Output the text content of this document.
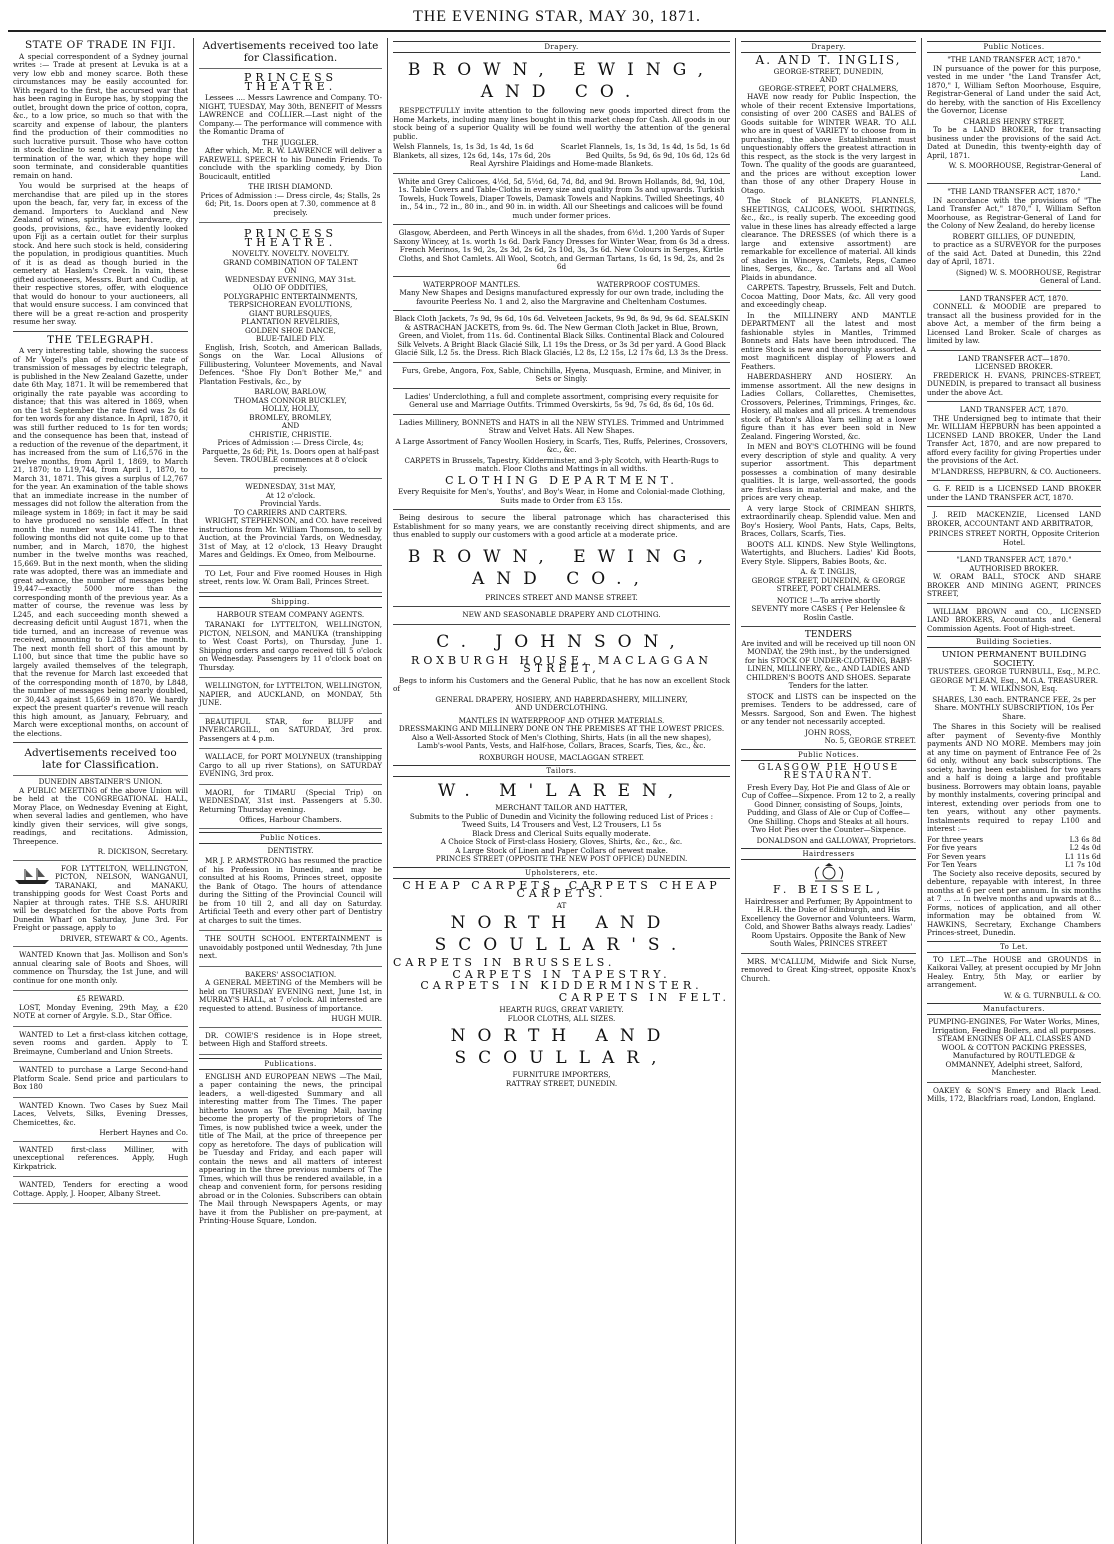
THE EVENING STAR, MAY 30, 1871.
STATE OF TRADE IN FIJI.

A special correspondent of a Sydney journal writes :— Trade at present at Levuka is at a very low ebb and money scarce. Both these circumstances may be easily accounted for. With regard to the first, the accursed war that has been raging in Europe has, by stopping the outlet, brought down the price of cotton, copra, &c., to a low price, so much so that with the scarcity and expense of labour, the planters find the production of their commodities no such lucrative pursuit. Those who have cotton in stock decline to send it away pending the termination of the war, which they hope will soon terminate, and considerable quantities remain on hand.

You would be surprised at the heaps of merchandise that are piled up in the stores upon the beach, far, very far, in excess of the demand. Importers to Auckland and New Zealand of wines, spirits, beer, hardware, dry goods, provisions, &c., have evidently looked upon Fiji as a certain outlet for their surplus stock. And here such stock is held, considering the population, in prodigious quantities. Much of it is as dead as though buried in the cemetery at Haslem's Creek. In vain, these gifted auctioneers, Messrs. Burt and Cudlip, at their respective stores, offer, with eloquence that would do honour to your auctioneers, all that would ensure success. I am convinced that there will be a great re-action and prosperity resume her sway.

THE TELEGRAPH.

A very interesting table, showing the success of Mr Vogel's plan of reducing the rate of transmission of messages by electric telegraph, is published in the New Zealand Gazette, under date 6th May, 1871. It will be remembered that originally the rate payable was according to distance; that this was altered in 1869, when on the 1st September the rate fixed was 2s 6d for ten words for any distance. In April, 1870, it was still further reduced to 1s for ten words; and the consequence has been that, instead of a reduction of the revenue of the department, it has increased from the sum of L16,576 in the twelve months, from April 1, 1869, to March 21, 1870; to L19,744, from April 1, 1870, to March 31, 1871. This gives a surplus of L2,767 for the year. An examination of the table shows that an immediate increase in the number of messages did not follow the alteration from the mileage system in 1869; in fact it may be said to have produced no sensible effect. In that month the number was 14,141. The three following months did not quite come up to that number, and in March, 1870, the highest number in the twelve months was reached, 15,669. But in the next month, when the sliding rate was adopted, there was an immediate and great advance, the number of messages being 19,447—exactly 5000 more than the corresponding month of the previous year. As a matter of course, the revenue was less by L245, and each succeeding month shewed a decreasing deficit until August 1871, when the tide turned, and an increase of revenue was received, amounting to L283 for the month. The next month fell short of this amount by L100, but since that time the public have so largely availed themselves of the telegraph, that the revenue for March last exceeded that of the corresponding month of 1870, by L848, the number of messages being nearly doubled, or 30,443 against 15,669 in 1870. We hardly expect the present quarter's revenue will reach this high amount, as January, February, and March were exceptional months, on account of the elections.

Advertisements received too late for Classification.
DUNEDIN ABSTAINER'S UNION.

A PUBLIC MEETING of the above Union will be held at the CONGREGATIONAL HALL, Moray Place, on Wednesday Evening at Eight, when several ladies and gentlemen, who have kindly given their services, will give songs, readings, and recitations. Admission, Threepence.

R. DICKISON, Secretary.

FOR LYTTELTON, WELLINGTON, PICTON, NELSON, WANGANUI, TARANAKI, and MANAKU, transhipping goods for West Coast Ports and Napier at through rates. THE S.S. AHURIRI will be despatched for the above Ports from Dunedin Wharf on Saturday, June 3rd. For Freight or passage, apply to

DRIVER, STEWART & CO., Agents.

WANTED Known that Jas. Mollison and Son's annual clearing sale of Boots and Shoes, will commence on Thursday, the 1st June, and will continue for one month only.

£5 REWARD.

LOST, Monday Evening, 29th May, a £20 NOTE at corner of Argyle. S.D., Star Office.

WANTED to Let a first-class kitchen cottage, seven rooms and garden. Apply to T. Breimayne, Cumberland and Union Streets.

WANTED to purchase a Large Second-hand Platform Scale. Send price and particulars to Box 180

WANTED Known. Two Cases by Suez Mail Laces, Velvets, Silks, Evening Dresses, Chemicettes, &c.

Herbert Haynes and Co.

WANTED first-class Milliner, with unexceptional references. Apply, Hugh Kirkpatrick.

WANTED, Tenders for erecting a wood Cottage. Apply, J. Hooper, Albany Street.

Advertisements received too late for Classification.
PRINCESS THEATRE.

Lessees .... Messrs Lawrence and Company. TO-NIGHT, TUESDAY, May 30th, BENEFIT of Messrs LAWRENCE and COLLIER.—Last night of the Company.— The performance will commence with the Romantic Drama of

THE JUGGLER.

After which, Mr. R. W. LAWRENCE will deliver a FAREWELL SPEECH to his Dunedin Friends. To conclude with the sparkling comedy, by Dion Boucicault, entitled

THE IRISH DIAMOND.

Prices of Admission :— Dress circle, 4s; Stalls, 2s 6d; Pit, 1s. Doors open at 7.30, commence at 8 precisely.

PRINCESS THEATRE.
NOVELTY. NOVELTY. NOVELTY.
GRAND COMBINATION OF TALENT
ON
WEDNESDAY EVENING, MAY 31st.
OLIO OF ODDITIES,
POLYGRAPHIC ENTERTAINMENTS,
TERPSICHOREAN EVOLUTIONS,
GIANT BURLESQUES,
PLANTATION REVELRIES,
GOLDEN SHOE DANCE,
BLUE-TAILED FLY.

English, Irish, Scotch, and American Ballads, Songs on the War. Local Allusions of Fillibustering, Volunteer Movements, and Naval Defences. "Shoe Fly Don't Bother Me," and Plantation Festivals, &c., by

BARLOW, BARLOW,
THOMAS CONNOR BUCKLEY,
HOLLY, HOLLY,
BROMLEY, BROMLEY,
AND
CHRISTIE, CHRISTIE.

Prices of Admission :— Dress Circle, 4s; Parquette, 2s 6d; Pit, 1s. Doors open at half-past Seven. TROUBLE commences at 8 o'clock precisely.

WEDNESDAY, 31st MAY,
At 12 o'clock.
Provincial Yards.
TO CARRIERS AND CARTERS.

WRIGHT, STEPHENSON, and CO. have received instructions from Mr. William Thomson, to sell by Auction, at the Provincial Yards, on Wednesday, 31st of May, at 12 o'clock, 13 Heavy Draught Mares and Geldings. Ex Omeo, from Melbourne.

TO Let, Four and Five roomed Houses in High street, rents low. W. Oram Ball, Princes Street.

Shipping.
HARBOUR STEAM COMPANY AGENTS.

TARANAKI for LYTTELTON, WELLINGTON, PICTON, NELSON, and MANUKA (transhipping to West Coast Ports), on Thursday, June 1. Shipping orders and cargo received till 5 o'clock on Wednesday. Passengers by 11 o'clock boat on Thursday.

WELLINGTON, for LYTTELTON, WELLINGTON, NAPIER, and AUCKLAND, on MONDAY, 5th JUNE.

BEAUTIFUL STAR, for BLUFF and INVERCARGILL, on SATURDAY, 3rd prox. Passengers at 4 p.m.

WALLACE, for PORT MOLYNEUX (transhipping Cargo to all up river Stations), on SATURDAY EVENING, 3rd prox.

MAORI, for TIMARU (Special Trip) on WEDNESDAY, 31st inst. Passengers at 5.30. Returning Thursday evening.

Offices, Harbour Chambers.
Public Notices.
DENTISTRY.

MR J. P. ARMSTRONG has resumed the practice of his Profession in Dunedin, and may be consulted at his Rooms, Princes street, opposite the Bank of Otago. The hours of attendance during the Sitting of the Provincial Council will be from 10 till 2, and all day on Saturday. Artificial Teeth and every other part of Dentistry at charges to suit the times.

THE SOUTH SCHOOL ENTERTAINMENT is unavoidably postponed until Wednesday, 7th June next.

BAKERS' ASSOCIATION.

A GENERAL MEETING of the Members will be held on THURSDAY EVENING next, June 1st, in MURRAY'S HALL, at 7 o'clock. All interested are requested to attend. Business of importance.

HUGH MUIR.

DR. COWIE'S residence is in Hope street, between High and Stafford streets.

Publications.

ENGLISH AND EUROPEAN NEWS —The Mail, a paper containing the news, the principal leaders, a well-digested Summary and all interesting matter from The Times. The paper hitherto known as The Evening Mail, having become the property of the proprietors of The Times, is now published twice a week, under the title of The Mail, at the price of threepence per copy as heretofore. The days of publication will be Tuesday and Friday, and each paper will contain the news and all matters of interest appearing in the three previous numbers of The Times, which will thus be rendered available, in a cheap and convenient form, for persons residing abroad or in the Colonies. Subscribers can obtain The Mail through Newspapers Agents, or may have it from the Publisher on pre-payment, at Printing-House Square, London.

Drapery.
BROWN, EWING, AND CO.

RESPECTFULLY invite attention to the following new goods imported direct from the Home Markets, including many lines bought in this market cheap for Cash. All goods in our stock being of a superior Quality will be found well worthy the attention of the general public.

Welsh Flannels, 1s, 1s 3d, 1s 4d, 1s 6d	Scarlet Flannels, 1s, 1s 3d, 1s 4d, 1s 5d, 1s 6d
Blankets, all sizes, 12s 6d, 14s, 17s 6d, 20s	Bed Quilts, 5s 9d, 6s 9d, 10s 6d, 12s 6d
Real Ayrshire Plaidings and Home-made Blankets.

White and Grey Calicoes, 4½d, 5d, 5½d, 6d, 7d, 8d, and 9d. Brown Hollands, 8d, 9d, 10d, 1s. Table Covers and Table-Cloths in every size and quality from 3s and upwards. Turkish Towels, Huck Towels, Diaper Towels, Damask Towels and Napkins. Twilled Sheetings, 40 in., 54 in., 72 in., 80 in., and 90 in. in width. All our Sheetings and calicoes will be found much under former prices.

Glasgow, Aberdeen, and Perth Winceys in all the shades, from 6½d. 1,200 Yards of Super Saxony Wincey, at 1s. worth 1s 6d. Dark Fancy Dresses for Winter Wear, from 6s 3d a dress. French Merinos, 1s 9d, 2s, 2s 3d, 2s 6d, 2s 10d, 3s, 3s 6d. New Colours in Serges, Kirtle Cloths, and Shot Camlets. All Wool, Scotch, and German Tartans, 1s 6d, 1s 9d, 2s, and 2s 6d

WATERPROOF MANTLES.	WATERPROOF COSTUMES.

Many New Shapes and Designs manufactured expressly for our own trade, including the favourite Peerless No. 1 and 2, also the Margravine and Cheltenham Costumes.

Black Cloth Jackets, 7s 9d, 9s 6d, 10s 6d. Velveteen Jackets, 9s 9d, 8s 9d, 9s 6d. SEALSKIN & ASTRACHAN JACKETS, from 9s. 6d. The New German Cloth Jacket in Blue, Brown, Green, and Violet, from 11s. 6d. Continental Black Silks. Continental Black and Coloured Silk Velvets. A Bright Black Glacié Silk, L1 19s the Dress, or 3s 3d per yard. A Good Black Glacié Silk, L2 5s. the Dress. Rich Black Glaciés, L2 8s, L2 15s, L2 17s 6d, L3 3s the Dress.

Furs, Grebe, Angora, Fox, Sable, Chinchilla, Hyena, Musquash, Ermine, and Miniver, in Sets or Singly.

Ladies' Underclothing, a full and complete assortment, comprising every requisite for General use and Marriage Outfits. Trimmed Overskirts, 5s 9d, 7s 6d, 8s 6d, 10s 6d.

Ladies Millinery, BONNETS and HATS in all the NEW STYLES. Trimmed and Untrimmed Straw and Velvet Hats. All New Shapes.

A Large Assortment of Fancy Woollen Hosiery, in Scarfs, Ties, Ruffs, Pelerines, Crossovers, &c., &c.

CARPETS in Brussels, Tapestry, Kidderminster, and 3-ply Scotch, with Hearth-Rugs to match. Floor Cloths and Mattings in all widths.

CLOTHING DEPARTMENT.

Every Requisite for Men's, Youths', and Boy's Wear, in Home and Colonial-made Clothing, Suits made to Order from £3 15s.

Being desirous to secure the liberal patronage which has characterised this Establishment for so many years, we are constantly receiving direct shipments, and are thus enabled to supply our customers with a good article at a moderate price.

BROWN, EWING, AND CO.,
PRINCES STREET AND MANSE STREET.
NEW AND SEASONABLE DRAPERY AND CLOTHING.
C. JOHNSON,
ROXBURGH HOUSE, MACLAGGAN STREET,

Begs to inform his Customers and the General Public, that he has now an excellent Stock of

GENERAL DRAPERY, HOSIERY, AND HABERDASHERY, MILLINERY,
AND UNDERCLOTHING.
MANTLES IN WATERPROOF AND OTHER MATERIALS.
DRESSMAKING AND MILLINERY DONE ON THE PREMISES AT THE LOWEST PRICES.
Also a Well-Assorted Stock of Men's Clothing, Shirts, Hats (in all the new shapes),
Lamb's-wool Pants, Vests, and Half-hose, Collars, Braces, Scarfs, Ties, &c., &c.
ROXBURGH HOUSE, MACLAGGAN STREET.
Tailors.
W. M'LAREN,
MERCHANT TAILOR AND HATTER,
Submits to the Public of Dunedin and Vicinity the following reduced List of Prices :
Tweed Suits, L4 Trousers and Vest, L2 Trousers, L1 5s
Black Dress and Clerical Suits equally moderate.
A Choice Stock of First-class Hosiery, Gloves, Shirts, &c., &c., &c.
A Large Stock of Linen and Paper Collars of newest make.
PRINCES STREET (OPPOSITE THE NEW POST OFFICE) DUNEDIN.
Upholsterers, etc.
CHEAP CARPETS. CARPETS CHEAP CARPETS.
AT
NORTH AND SCOULLAR'S.
CARPETS IN BRUSSELS.
CARPETS IN TAPESTRY.
CARPETS IN KIDDERMINSTER.
CARPETS IN FELT.
HEARTH RUGS, GREAT VARIETY.
FLOOR CLOTHS, ALL SIZES.
NORTH AND SCOULLAR,
FURNITURE IMPORTERS,
RATTRAY STREET, DUNEDIN.
Drapery.
A. AND T. INGLIS,
GEORGE-STREET, DUNEDIN,
AND
GEORGE-STREET, PORT CHALMERS,

HAVE now ready for Public Inspection, the whole of their recent Extensive Importations, consisting of over 200 CASES and BALES of Goods suitable for WINTER WEAR. TO ALL who are in quest of VARIETY to choose from in purchasing, the above Establishment must unquestionably offers the greatest attraction in this respect, as the stock is the very largest in Town. The quality of the goods are guaranteed, and the prices are without exception lower than those of any other Drapery House in Otago.

The Stock of BLANKETS, FLANNELS, SHEETINGS, CALICOES, WOOL SHIRTINGS, &c., &c., is really superb. The exceeding good value in these lines has already effected a large clearance. The DRESSES (of which there is a large and extensive assortment) are remarkable for excellence of material. All kinds of shades in Winceys, Camlets, Reps, Cameo lines, Serges, &c., &c. Tartans and all Wool Plaids in abundance.

CARPETS. Tapestry, Brussels, Felt and Dutch. Cocoa Matting, Door Mats, &c. All very good and exceedingly cheap.

In the MILLINERY AND MANTLE DEPARTMENT all the latest and most fashionable styles in Mantles, Trimmed Bonnets and Hats have been introduced. The entire Stock is new and thoroughly assorted. A most magnificent display of Flowers and Feathers.

HABERDASHERY AND HOSIERY. An immense assortment. All the new designs in Ladies Collars, Collarettes, Chemisettes, Crossovers, Pelerines, Trimmings, Fringes, &c. Hosiery, all makes and all prices. A tremendous stock of Paton's Alloa Yarn selling at a lower figure than it has ever been sold in New Zealand. Fingering Worsted, &c.

In MEN and BOY'S CLOTHING will be found every description of style and quality. A very superior assortment. This department possesses a combination of many desirable qualities. It is large, well-assorted, the goods are first-class in material and make, and the prices are very cheap.

A very large Stock of CRIMEAN SHIRTS, extraordinarily cheap. Splendid value. Men and Boy's Hosiery, Wool Pants, Hats, Caps, Belts, Braces, Collars, Scarfs, Ties.

BOOTS ALL KINDS. New Style Wellingtons, Watertights, and Bluchers. Ladies' Kid Boots, Every Style. Slippers, Babies Boots, &c.

A. & T. INGLIS,
GEORGE STREET, DUNEDIN, & GEORGE STREET, PORT CHALMERS.
NOTICE !—To arrive shortly
SEVENTY more CASES { Per Helenslee & Roslin Castle.
TENDERS

Are invited and will be received up till noon ON MONDAY, the 29th inst., by the undersigned for his STOCK OF UNDER-CLOTHING, BABY-LINEN, MILLINERY, &c., AND LADIES AND CHILDREN'S BOOTS AND SHOES. Separate Tenders for the latter.

STOCK and LISTS can be inspected on the premises. Tenders to be addressed, care of Messrs. Sargood, Son and Ewen. The highest or any tender not necessarily accepted.

JOHN ROSS,
No. 5, GEORGE STREET.
Public Notices.
GLASGOW PIE HOUSE RESTAURANT.

Fresh Every Day, Hot Pie and Glass of Ale or Cup of Coffee—Sixpence. From 12 to 2, a really Good Dinner, consisting of Soups, Joints, Pudding, and Glass of Ale or Cup of Coffee—One Shilling. Chops and Steaks at all hours. Two Hot Pies over the Counter—Sixpence.

DONALDSON and GALLOWAY, Proprietors.
Hairdressers
F. BEISSEL,

Hairdresser and Perfumer, By Appointment to H.R.H. the Duke of Edinburgh, and His Excellency the Governor and Volunteers. Warm, Cold, and Shower Baths always ready. Ladies' Room Upstairs. Opposite the Bank of New South Wales, PRINCES STREET

MRS. M'CALLUM, Midwife and Sick Nurse, removed to Great King-street, opposite Knox's Church.

Public Notices.
"THE LAND TRANSFER ACT, 1870."

IN pursuance of the power for this purpose, vested in me under "the Land Transfer Act, 1870," I, William Sefton Moorhouse, Esquire, Registrar-General of Land under the said Act, do hereby, with the sanction of His Excellency the Governor, License

CHARLES HENRY STREET,

To be a LAND BROKER, for transacting business under the provisions of the said Act. Dated at Dunedin, this twenty-eighth day of April, 1871.

W. S. MOORHOUSE, Registrar-General of Land.
"THE LAND TRANSFER ACT, 1870."

IN accordance with the provisions of "The Land Transfer Act," 1870," I, William Sefton Moorhouse, as Registrar-General of Land for the Colony of New Zealand, do hereby license

ROBERT GILLIES, OF DUNEDIN,

to practice as a SURVEYOR for the purposes of the said Act. Dated at Dunedin, this 22nd day of April, 1871.

(Signed) W. S. MOORHOUSE, Registrar General of Land.
LAND TRANSFER ACT, 1870.

CONNELL & MOODIE are prepared to transact all the business provided for in the above Act, a member of the firm being a Licensed Land Broker. Scale of charges as limited by law.

LAND TRANSFER ACT—1870.
LICENSED BROKER.

FREDERICK H. EVANS, PRINCES-STREET, DUNEDIN, is prepared to transact all business under the above Act.

LAND TRANSFER ACT, 1870.

THE Undersigned beg to intimate that their Mr. WILLIAM HEPBURN has been appointed a LICENSED LAND BROKER, Under the Land Transfer Act, 1870, and are now prepared to afford every facility for giving Properties under the provisions of the Act.

M'LANDRESS, HEPBURN, & CO. Auctioneers.

G. F. REID is a LICENSED LAND BROKER under the LAND TRANSFER ACT, 1870.

J. REID MACKENZIE, Licensed LAND BROKER, ACCOUNTANT AND ARBITRATOR,

PRINCES STREET NORTH, Opposite Criterion Hotel.
"LAND TRANSFER ACT, 1870."
AUTHORISED BROKER.

W. ORAM BALL, STOCK AND SHARE BROKER AND MINING AGENT, PRINCES STREET,

WILLIAM BROWN and CO., LICENSED LAND BROKERS, Accountants and General Commission Agents. Foot of High-street.

Building Societies.
UNION PERMANENT BUILDING SOCIETY.

TRUSTEES. GEORGE TURNBULL, Esq., M.P.C. GEORGE M'LEAN, Esq., M.G.A. TREASURER. T. M. WILKINSON, Esq.

SHARES, L30 each. ENTRANCE FEE, 2s per Share. MONTHLY SUBSCRIPTION, 10s Per Share.

The Shares in this Society will be realised after payment of Seventy-five Monthly payments AND NO MORE. Members may join at any time on payment of Entrance Fee of 2s 6d only, without any back subscriptions. The society, having been established for two years and a half is doing a large and profitable business. Borrowers may obtain loans, payable by monthly instalments, covering principal and interest, extending over periods from one to ten years, without any other payments. Instalments required to repay L100 and interest :—

For three years	L3 6s 8d
For five years	L2 4s 0d
For Seven years	L1 11s 6d
For Ten Years	L1 7s 10d

The Society also receive deposits, secured by debenture, repayable with interest, In three months at 6 per cent per annum. In six months at 7 ... ... In twelve months and upwards at 8... Forms, notices of application, and all other information may be obtained from W. HAWKINS, Secretary, Exchange Chambers Princes-street, Dunedin.

To Let.

TO LET.—The HOUSE and GROUNDS in Kaikorai Valley, at present occupied by Mr John Healey. Entry, 5th May, or earlier by arrangement.

W. & G. TURNBULL & CO.
Manufacturers.

PUMPING-ENGINES, For Water Works, Mines, Irrigation, Feeding Boilers, and all purposes. STEAM ENGINES OF ALL CLASSES AND WOOL & COTTON PACKING PRESSES, Manufactured by ROUTLEDGE & OMMANNEY, Adelphi street, Salford, Manchester.

OAKEY & SON'S Emery and Black Lead. Mills, 172, Blackfriars road, London, England.
